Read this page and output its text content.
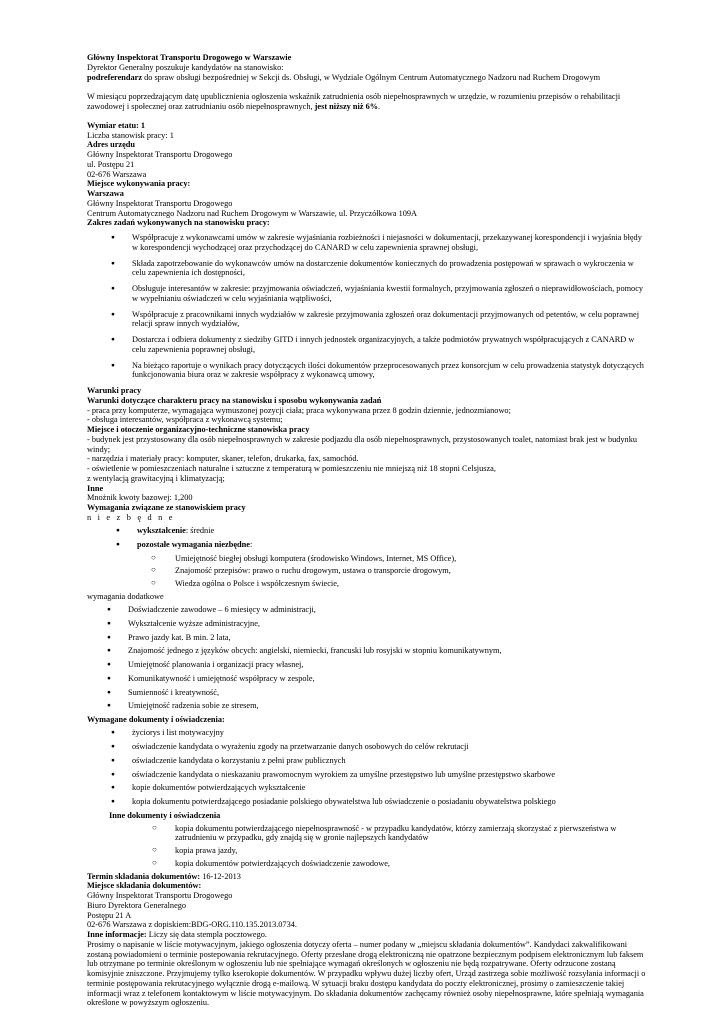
Główny Inspektorat Transportu Drogowego w Warszawie

Dyrektor Generalny poszukuje kandydatów na stanowisko:

podreferendarz do spraw obsługi bezpośredniej w Sekcji ds. Obsługi, w Wydziale Ogólnym Centrum Automatycznego Nadzoru nad Ruchem Drogowym

W miesiącu poprzedzającym datę upublicznienia ogłoszenia wskaźnik zatrudnienia osób niepełnosprawnych w urzędzie, w rozumieniu przepisów o rehabilitacji zawodowej i społecznej oraz zatrudnianiu osób niepełnosprawnych, jest niższy niż 6%.

Wymiar etatu: 1

Liczba stanowisk pracy: 1

Adres urzędu

Główny Inspektorat Transportu Drogowego

ul. Postępu 21

02-676 Warszawa

Miejsce wykonywania pracy:

Warszawa

Główny Inspektorat Transportu Drogowego

Centrum Automatycznego Nadzoru nad Ruchem Drogowym w Warszawie, ul. Przyczółkowa 109A

Zakres zadań wykonywanych na stanowisku pracy:

● Współpracuje z wykonawcami umów w zakresie wyjaśniania rozbieżności i niejasności w dokumentacji, przekazywanej korespondencji i wyjaśnia błędy w korespondencji wychodzącej oraz przychodzącej do CANARD w celu zapewnienia sprawnej obsługi,
● Składa zapotrzebowanie do wykonawców umów na dostarczenie dokumentów koniecznych do prowadzenia postępowań w sprawach o wykroczenia w celu zapewnienia ich dostępności,
● Obsługuje interesantów w zakresie: przyjmowania oświadczeń, wyjaśniania kwestii formalnych, przyjmowania zgłoszeń o nieprawidłowościach, pomocy w wypełnianiu oświadczeń w celu wyjaśniania wątpliwości,
● Współpracuje z pracownikami innych wydziałów w zakresie przyjmowania zgłoszeń oraz dokumentacji przyjmowanych od petentów, w celu poprawnej relacji spraw innych wydziałów,
● Dostarcza i odbiera dokumenty z siedziby GITD i innych jednostek organizacyjnych, a także podmiotów prywatnych współpracujących z CANARD w celu zapewnienia poprawnej obsługi,
● Na bieżąco raportuje o wynikach pracy dotyczących ilości dokumentów przeprocesowanych przez konsorcjum w celu prowadzenia statystyk dotyczących funkcjonowania biura oraz w zakresie współpracy z wykonawcą umowy,

Warunki pracy

Warunki dotyczące charakteru pracy na stanowisku i sposobu wykonywania zadań

- praca przy komputerze, wymagająca wymuszonej pozycji ciała; praca wykonywana przez 8 godzin dziennie, jednozmianowo;

- obsługa interesantów, współpraca z wykonawcą systemu;

Miejsce i otoczenie organizacyjno-techniczne stanowiska pracy

- budynek jest przystosowany dla osób niepełnosprawnych w zakresie podjazdu dla osób niepełnosprawnych, przystosowanych toalet, natomiast brak jest w budynku windy;

- narzędzia i materiały pracy: komputer, skaner, telefon, drukarka, fax, samochód.

- oświetlenie w pomieszczeniach naturalne i sztuczne z temperaturą w pomieszczeniu nie mniejszą niż 18 stopni Celsjusza,

z wentylacją grawitacyjną i klimatyzacją;

Inne

Mnożnik kwoty bazowej: 1,200

Wymagania związane ze stanowiskiem pracy

n i e z b ę d n e

● wykształcenie: średnie
● pozostałe wymagania niezbędne:
○ Umiejętność biegłej obsługi komputera (środowisko Windows, Internet, MS Office),
○ Znajomość przepisów: prawo o ruchu drogowym, ustawa o transporcie drogowym,
○ Wiedza ogólna o Polsce i współczesnym świecie,

wymagania dodatkowe

● Doświadczenie zawodowe – 6 miesięcy w administracji,
● Wykształcenie wyższe administracyjne,
● Prawo jazdy kat. B min. 2 lata,
● Znajomość jednego z języków obcych: angielski, niemiecki, francuski lub rosyjski w stopniu komunikatywnym,
● Umiejętność planowania i organizacji pracy własnej,
● Komunikatywność i umiejętność współpracy w zespole,
● Sumienność i kreatywność,
● Umiejętność radzenia sobie ze stresem,

Wymagane dokumenty i oświadczenia:

● życiorys i list motywacyjny
● oświadczenie kandydata o wyrażeniu zgody na przetwarzanie danych osobowych do celów rekrutacji
● oświadczenie kandydata o korzystaniu z pełni praw publicznych
● oświadczenie kandydata o nieskazaniu prawomocnym wyrokiem za umyślne przestępstwo lub umyślne przestępstwo skarbowe
● kopie dokumentów potwierdzających wykształcenie
● kopia dokumentu potwierdzającego posiadanie polskiego obywatelstwa lub oświadczenie o posiadaniu obywatelstwa polskiego

Inne dokumenty i oświadczenia

○ kopia dokumentu potwierdzającego niepełnosprawność - w przypadku kandydatów, którzy zamierzają skorzystać z pierwszeństwa w zatrudnieniu w przypadku, gdy znajdą się w gronie najlepszych kandydatów
○ kopia prawa jazdy,
○ kopia dokumentów potwierdzających doświadczenie zawodowe,

Termin składania dokumentów: 16-12-2013

Miejsce składania dokumentów:

Główny Inspektorat Transportu Drogowego

Biuro Dyrektora Generalnego

Postępu 21 A

02-676 Warszawa z dopiskiem:BDG-ORG.110.135.2013.0734.

Inne informacje: Liczy się data stempla pocztowego.

Prosimy o napisanie w liście motywacyjnym, jakiego ogłoszenia dotyczy oferta – numer podany w „miejscu składania dokumentów”. Kandydaci zakwalifikowani zostaną powiadomieni o terminie postepowania rekrutacyjnego. Oferty przesłane drogą elektroniczną nie opatrzone bezpiecznym podpisem elektronicznym lub faksem lub otrzymane po terminie określonym w ogłoszeniu lub nie spełniające wymagań określonych w ogłoszeniu nie będą rozpatrywane. Oferty odrzucone zostaną komisyjnie zniszczone. Przyjmujemy tylko kserokopie dokumentów. W przypadku wpływu dużej liczby ofert, Urząd zastrzega sobie możliwość rozsyłania informacji o terminie postępowania rekrutacyjnego wyłącznie drogą e-mailową. W sytuacji braku dostępu kandydata do poczty elektronicznej, prosimy o zamieszczenie takiej informacji wraz z telefonem kontaktowym w liście motywacyjnym. Do składania dokumentów zachęcamy również osoby niepełnosprawne, które spełniają wymagania określone w powyższym ogłoszeniu.
